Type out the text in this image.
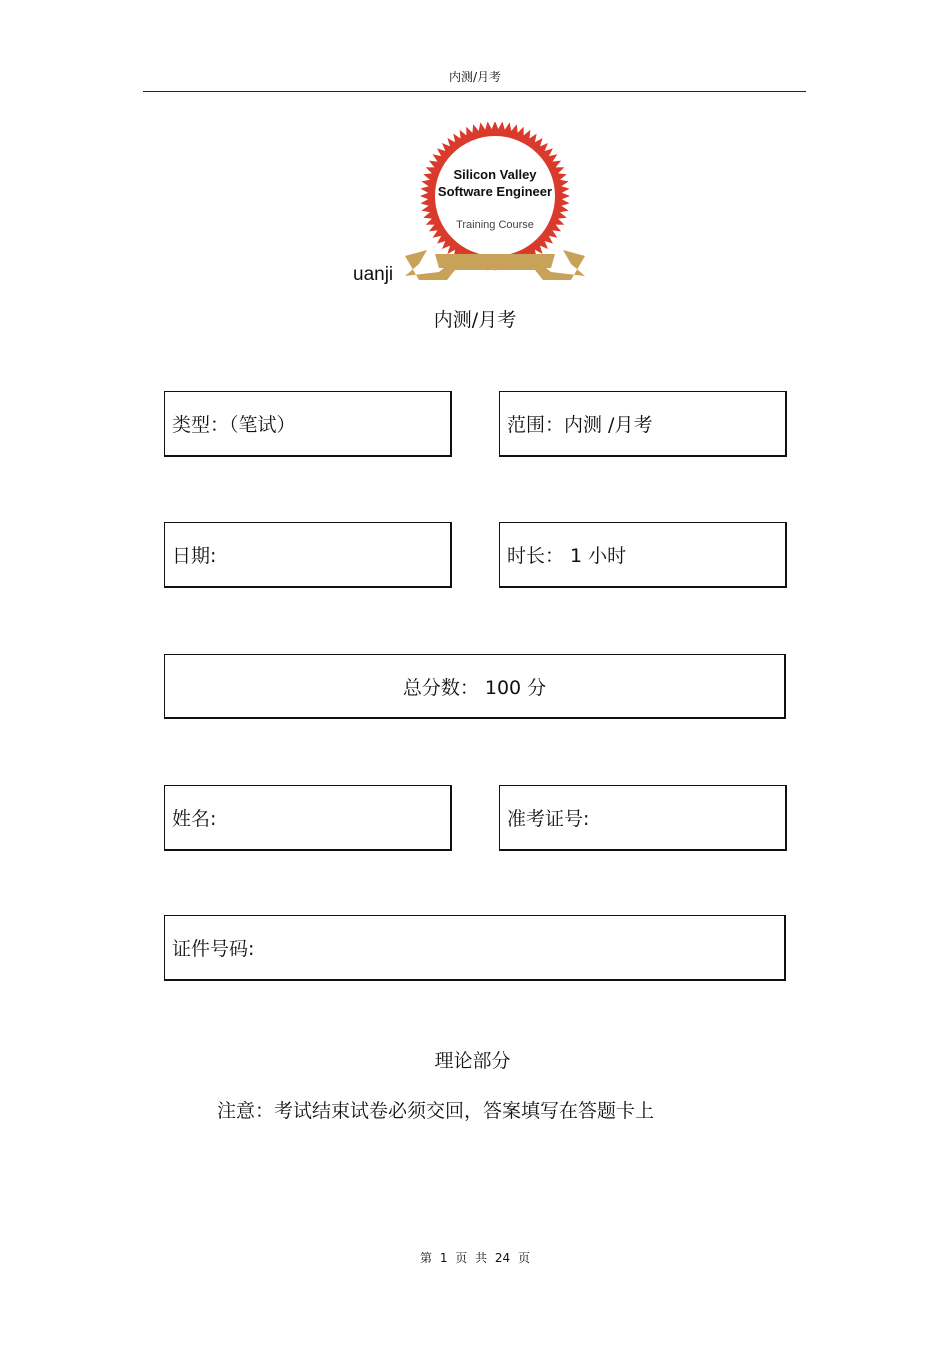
内测/月考
Silicon Valley
Software Engineer
Training Course
uanji
内测/月考
类型：（笔试）	范围：内测 /月考
日期:	时长： 1 小时
总分数： 100 分
姓名:	准考证号:
证件号码:
理论部分
注意：考试结束试卷必须交回，答案填写在答题卡上
第 1 页 共 24 页
